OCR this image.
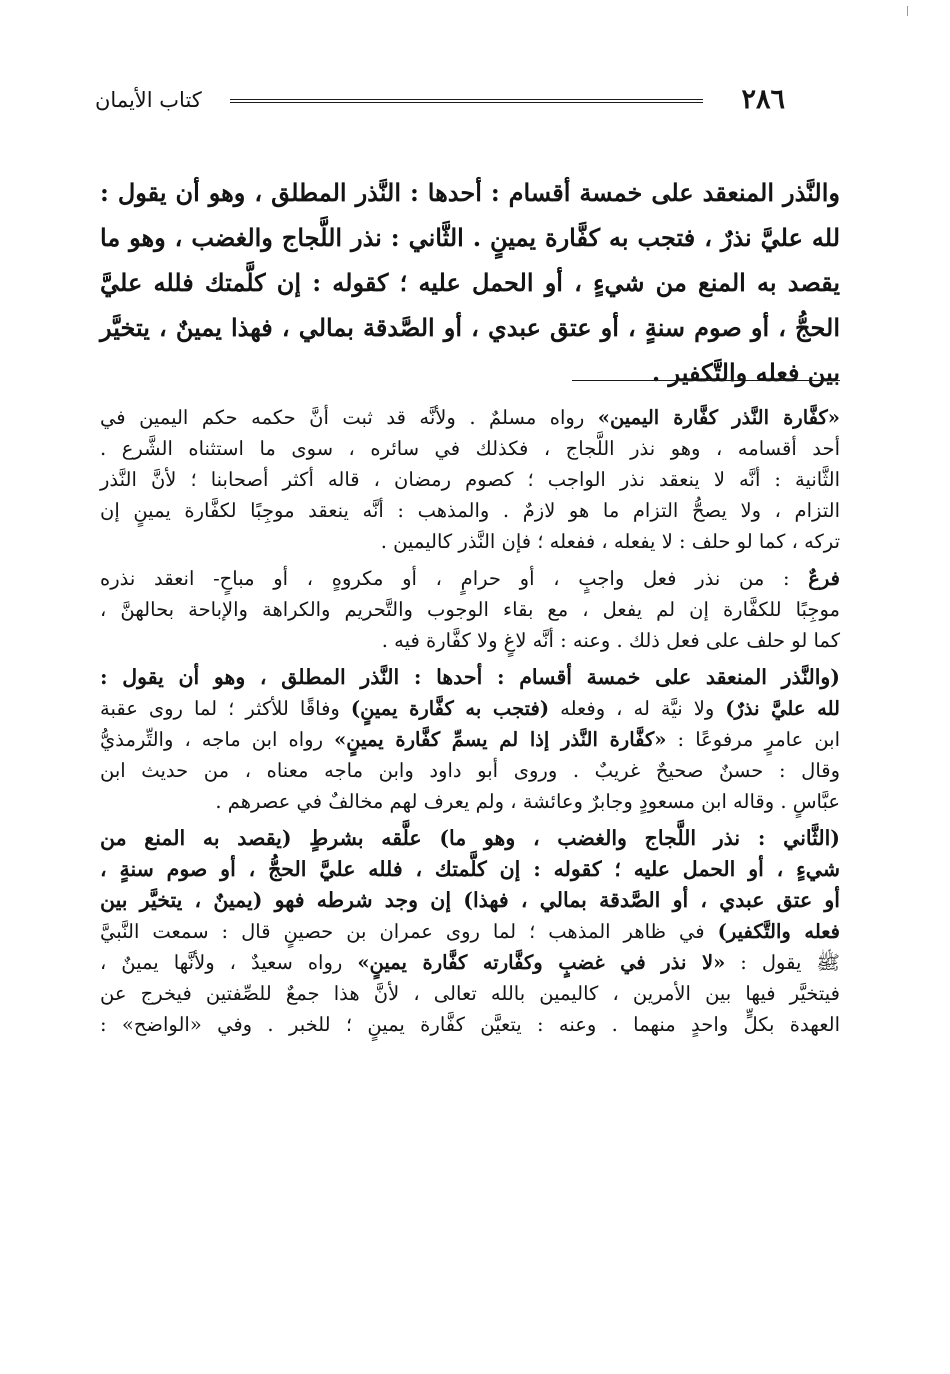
٢٨٦
كتاب الأيمان
والنَّذر المنعقد على خمسة أقسام : أحدها : النَّذر المطلق ، وهو أن يقول :
لله عليَّ نذرٌ ، فتجب به كفَّارة يمينٍ . الثَّاني : نذر اللَّجاج والغضب ، وهو ما
يقصد به المنع من شيءٍ ، أو الحمل عليه ؛ كقوله : إن كلَّمتك فلله عليَّ
الحجُّ ، أو صوم سنةٍ ، أو عتق عبدي ، أو الصَّدقة بمالي ، فهذا يمينٌ ، يتخيَّر
بين فعله والتَّكفير .
«كفَّارة النَّذر كفَّارة اليمين» رواه مسلمٌ . ولأنَّه قد ثبت أنَّ حكمه حكم اليمين في
أحد أقسامه ، وهو نذر اللَّجاج ، فكذلك في سائره ، سوى ما استثناه الشَّرع .
الثَّانية : أنَّه لا ينعقد نذر الواجب ؛ كصوم رمضان ، قاله أكثر أصحابنا ؛ لأنَّ النَّذر
التزام ، ولا يصحُّ التزام ما هو لازمٌ . والمذهب : أنَّه ينعقد موجِبًا لكفَّارة يمينٍ إن
تركه ، كما لو حلف : لا يفعله ، ففعله ؛ فإن النَّذر كاليمين .
فرعٌ : من نذر فعل واجبٍ ، أو حرامٍ ، أو مكروهٍ ، أو مباحٍ- انعقد نذره
موجِبًا للكفَّارة إن لم يفعل ، مع بقاء الوجوب والتَّحريم والكراهة والإباحة بحالهنَّ ،
كما لو حلف على فعل ذلك . وعنه : أنَّه لاغٍ ولا كفَّارة فيه .
(والنَّذر المنعقد على خمسة أقسام : أحدها : النَّذر المطلق ، وهو أن يقول :
لله عليَّ نذرٌ) ولا نيَّة له ، وفعله (فتجب به كفَّارة يمينٍ) وفاقًا للأكثر ؛ لما روى عقبة
ابن عامرٍ مرفوعًا : «كفَّارة النَّذر إذا لم يسمِّ كفَّارة يمينٍ» رواه ابن ماجه ، والتِّرمذيُّ
وقال : حسنٌ صحيحٌ غريبٌ . وروى أبو داود وابن ماجه معناه ، من حديث ابن
عبَّاسٍ . وقاله ابن مسعودٍ وجابرٌ وعائشة ، ولم يعرف لهم مخالفٌ في عصرهم .
(الثَّاني : نذر اللَّجاج والغضب ، وهو ما) علَّقه بشرطٍ (يقصد به المنع من
شيءٍ ، أو الحمل عليه ؛ كقوله : إن كلَّمتك ، فلله عليَّ الحجُّ ، أو صوم سنةٍ ،
أو عتق عبدي ، أو الصَّدقة بمالي ، فهذا) إن وجد شرطه فهو (يمينٌ ، يتخيَّر بين
فعله والتَّكفير) في ظاهر المذهب ؛ لما روى عمران بن حصينٍ قال : سمعت النَّبيَّ
ﷺ يقول : «لا نذر في غضبٍ وكفَّارته كفَّارة يمينٍ» رواه سعيدٌ ، ولأنَّها يمينٌ ،
فيتخيَّر فيها بين الأمرين ، كاليمين بالله تعالى ، لأنَّ هذا جمعٌ للصِّفتين فيخرج عن
العهدة بكلٍّ واحدٍ منهما . وعنه : يتعيَّن كفَّارة يمينٍ ؛ للخبر . وفي «الواضح» :
